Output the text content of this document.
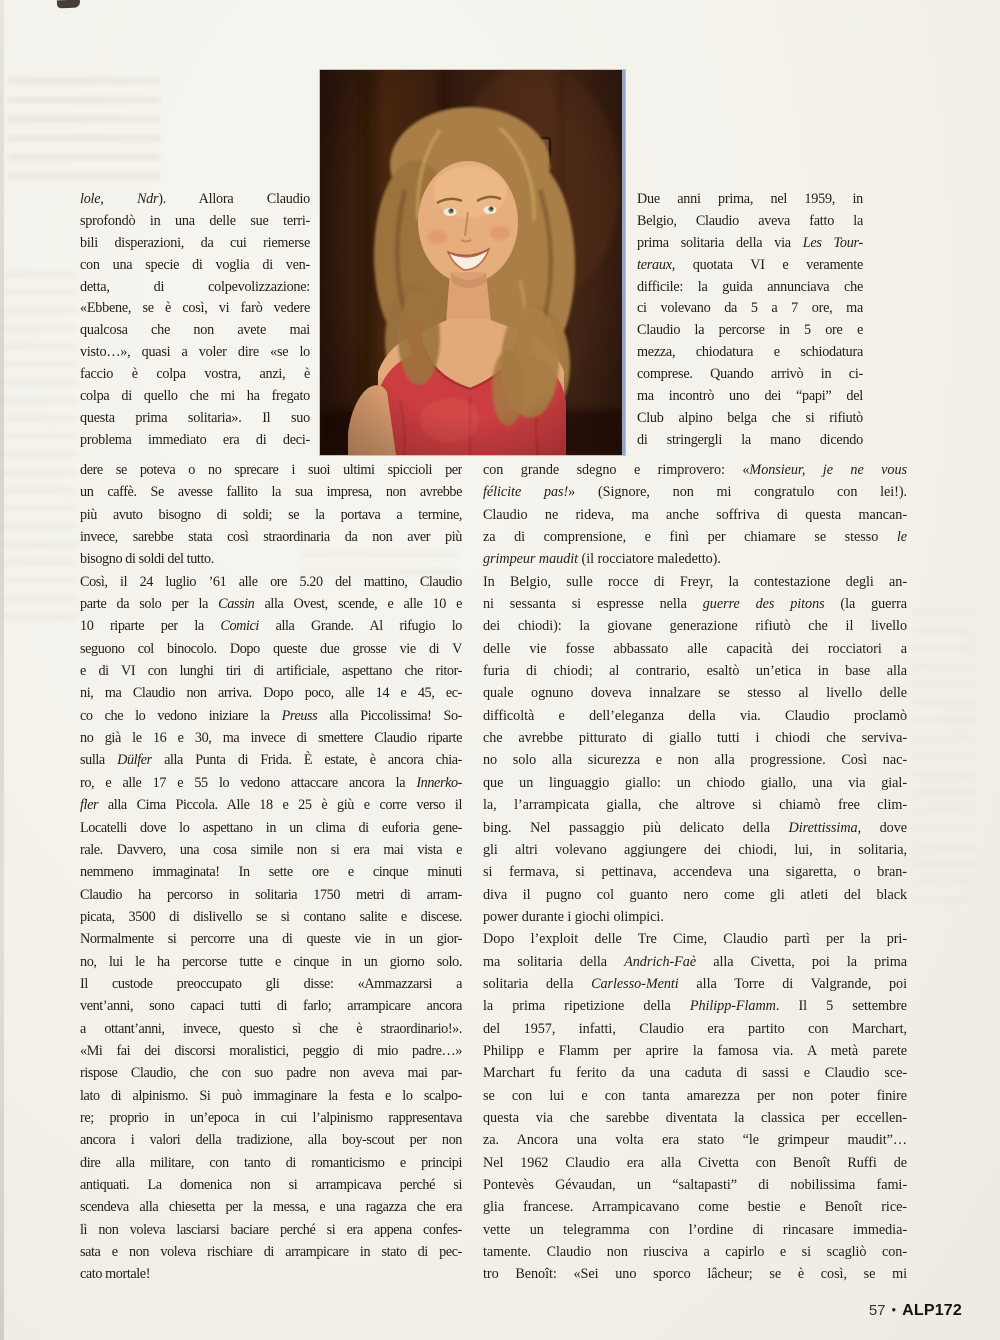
lole, Ndr). Allora Claudio
sprofondò in una delle sue terri-
bili disperazioni, da cui riemerse
con una specie di voglia di ven-
detta, di colpevolizzazione:
«Ebbene, se è così, vi farò vedere
qualcosa che non avete mai
visto…», quasi a voler dire «se lo
faccio è colpa vostra, anzi, è
colpa di quello che mi ha fregato
questa prima solitaria». Il suo
problema immediato era di deci-
dere se poteva o no sprecare i suoi ultimi spiccioli per
un caffè. Se avesse fallito la sua impresa, non avrebbe
più avuto bisogno di soldi; se la portava a termine,
invece, sarebbe stata così straordinaria da non aver più
bisogno di soldi del tutto.
Così, il 24 luglio ’61 alle ore 5.20 del mattino, Claudio
parte da solo per la Cassin alla Ovest, scende, e alle 10 e
10 riparte per la Comici alla Grande. Al rifugio lo
seguono col binocolo. Dopo queste due grosse vie di V
e di VI con lunghi tiri di artificiale, aspettano che ritor-
ni, ma Claudio non arriva. Dopo poco, alle 14 e 45, ec-
co che lo vedono iniziare la Preuss alla Piccolissima! So-
no già le 16 e 30, ma invece di smettere Claudio riparte
sulla Dülfer alla Punta di Frida. È estate, è ancora chia-
ro, e alle 17 e 55 lo vedono attaccare ancora la Innerko-
fler alla Cima Piccola. Alle 18 e 25 è giù e corre verso il
Locatelli dove lo aspettano in un clima di euforia gene-
rale. Davvero, una cosa simile non si era mai vista e
nemmeno immaginata! In sette ore e cinque minuti
Claudio ha percorso in solitaria 1750 metri di arram-
picata, 3500 di dislivello se si contano salite e discese.
Normalmente si percorre una di queste vie in un gior-
no, lui le ha percorse tutte e cinque in un giorno solo.
Il custode preoccupato gli disse: «Ammazzarsi a
vent’anni, sono capaci tutti di farlo; arrampicare ancora
a ottant’anni, invece, questo sì che è straordinario!».
«Mi fai dei discorsi moralistici, peggio di mio padre…»
rispose Claudio, che con suo padre non aveva mai par-
lato di alpinismo. Si può immaginare la festa e lo scalpo-
re; proprio in un’epoca in cui l’alpinismo rappresentava
ancora i valori della tradizione, alla boy-scout per non
dire alla militare, con tanto di romanticismo e principi
antiquati. La domenica non si arrampicava perché si
scendeva alla chiesetta per la messa, e una ragazza che era
lì non voleva lasciarsi baciare perché si era appena confes-
sata e non voleva rischiare di arrampicare in stato di pec-
cato mortale!
Due anni prima, nel 1959, in
Belgio, Claudio aveva fatto la
prima solitaria della via Les Tour-
teraux, quotata VI e veramente
difficile: la guida annunciava che
ci volevano da 5 a 7 ore, ma
Claudio la percorse in 5 ore e
mezza, chiodatura e schiodatura
comprese. Quando arrivò in ci-
ma incontrò uno dei “papi” del
Club alpino belga che si rifiutò
di stringergli la mano dicendo
con grande sdegno e rimprovero: «Monsieur, je ne vous
félicite pas!» (Signore, non mi congratulo con lei!).
Claudio ne rideva, ma anche soffriva di questa mancan-
za di comprensione, e finì per chiamare se stesso le
grimpeur maudit (il rocciatore maledetto).
In Belgio, sulle rocce di Freyr, la contestazione degli an-
ni sessanta si espresse nella guerre des pitons (la guerra
dei chiodi): la giovane generazione rifiutò che il livello
delle vie fosse abbassato alle capacità dei rocciatori a
furia di chiodi; al contrario, esaltò un’etica in base alla
quale ognuno doveva innalzare se stesso al livello delle
difficoltà e dell’eleganza della via. Claudio proclamò
che avrebbe pitturato di giallo tutti i chiodi che serviva-
no solo alla sicurezza e non alla progressione. Così nac-
que un linguaggio giallo: un chiodo giallo, una via gial-
la, l’arrampicata gialla, che altrove si chiamò free clim-
bing. Nel passaggio più delicato della Direttissima, dove
gli altri volevano aggiungere dei chiodi, lui, in solitaria,
si fermava, si pettinava, accendeva una sigaretta, o bran-
diva il pugno col guanto nero come gli atleti del black
power durante i giochi olimpici.
Dopo l’exploit delle Tre Cime, Claudio partì per la pri-
ma solitaria della Andrich-Faè alla Civetta, poi la prima
solitaria della Carlesso-Menti alla Torre di Valgrande, poi
la prima ripetizione della Philipp-Flamm. Il 5 settembre
del 1957, infatti, Claudio era partito con Marchart,
Philipp e Flamm per aprire la famosa via. A metà parete
Marchart fu ferito da una caduta di sassi e Claudio sce-
se con lui e con tanta amarezza per non poter finire
questa via che sarebbe diventata la classica per eccellen-
za. Ancora una volta era stato “le grimpeur maudit”…
Nel 1962 Claudio era alla Civetta con Benoît Ruffi de
Pontevès Gévaudan, un “saltapasti” di nobilissima fami-
glia francese. Arrampicavano come bestie e Benoît rice-
vette un telegramma con l’ordine di rincasare immedia-
tamente. Claudio non riusciva a capirlo e si scagliò con-
tro Benoît: «Sei uno sporco lâcheur; se è così, se mi
57 • ALP172
